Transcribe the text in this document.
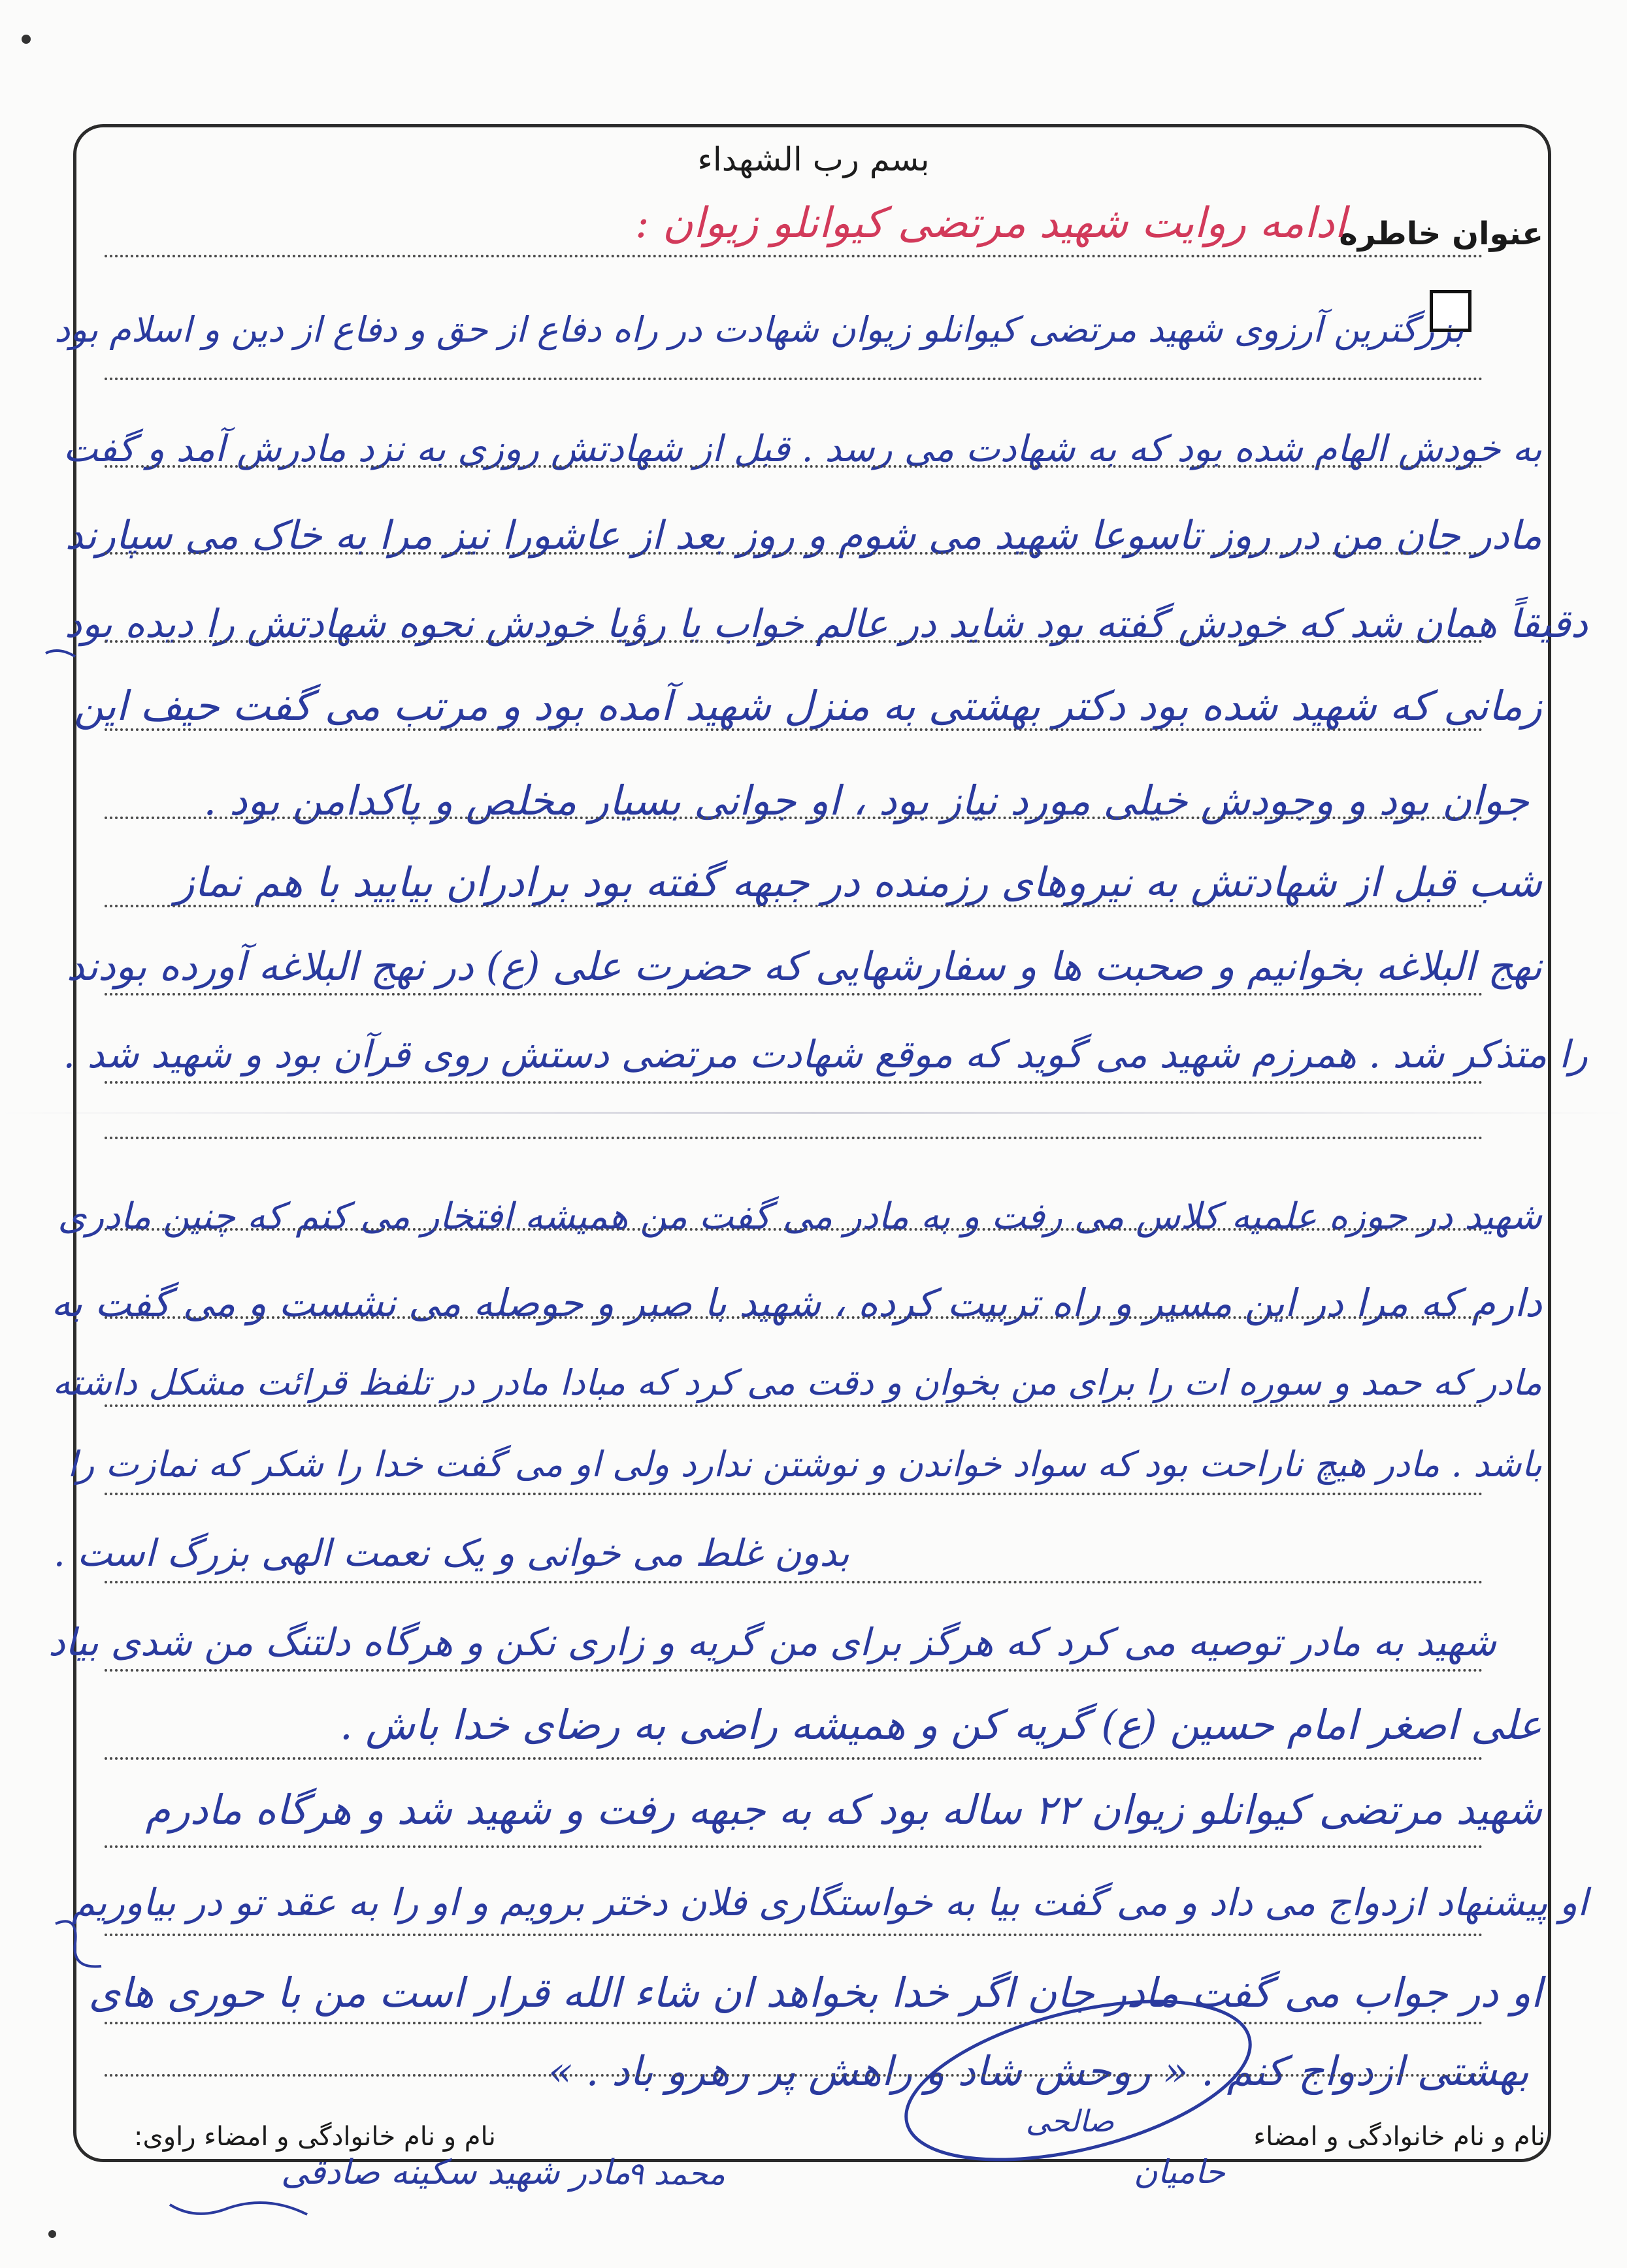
بسم رب الشهداء
عنوان خاطره
ادامه روایت شهید مرتضی کیوانلو زیوان :
بزرگترین آرزوی شهید مرتضی کیوانلو زیوان شهادت در راه دفاع از حق و دفاع از دین و اسلام بود
به خودش الهام شده بود که به شهادت می رسد . قبل از شهادتش روزی به نزد مادرش آمد و گفت
مادر جان من در روز تاسوعا شهید می شوم و روز بعد از عاشورا نیز مرا به خاک می سپارند
دقیقاً همان شد که خودش گفته بود شاید در عالم خواب یا رؤیا خودش نحوه شهادتش را دیده بود
زمانی که شهید شده بود دکتر بهشتی به منزل شهید آمده بود و مرتب می گفت حیف این
جوان بود و وجودش خیلی مورد نیاز بود ، او جوانی بسیار مخلص و پاکدامن بود .
شب قبل از شهادتش به نیروهای رزمنده در جبهه گفته بود برادران بیایید با هم نماز
نهج البلاغه بخوانیم و صحبت ها و سفارشهایی که حضرت علی (ع) در نهج البلاغه آورده بودند
را متذکر شد . همرزم شهید می گوید که موقع شهادت مرتضی دستش روی قرآن بود و شهید شد .
شهید در حوزه علمیه کلاس می رفت و به مادر می گفت من همیشه افتخار می کنم که چنین مادری
دارم که مرا در این مسیر و راه تربیت کرده ، شهید با صبر و حوصله می نشست و می گفت به
مادر که حمد و سوره ات را برای من بخوان و دقت می کرد که مبادا مادر در تلفظ قرائت مشکل داشته
باشد . مادر هیچ ناراحت بود که سواد خواندن و نوشتن ندارد ولی او می گفت خدا را شکر که نمازت را
بدون غلط می خوانی و یک نعمت الهی بزرگ است .
شهید به مادر توصیه می کرد که هرگز برای من گریه و زاری نکن و هرگاه دلتنگ من شدی بیاد
علی اصغر امام حسین (ع) گریه کن و همیشه راضی به رضای خدا باش .
شهید مرتضی کیوانلو زیوان ۲۲ ساله بود که به جبهه رفت و شهید شد و هرگاه مادرم
او پیشنهاد ازدواج می داد و می گفت بیا به خواستگاری فلان دختر برویم و او را به عقد تو در بیاوریم
او در جواب می گفت مادر جان اگر خدا بخواهد ان شاء الله قرار است من با حوری های
بهشتی ازدواج کنم . « روحش شاد و راهش پر رهرو باد . »
نام و نام خانوادگی و امضاء راوی:	نام و نام خانوادگی و امضاء
صالحی
مادر شهید سکینه صادقی	حامیان
محمد ۹
